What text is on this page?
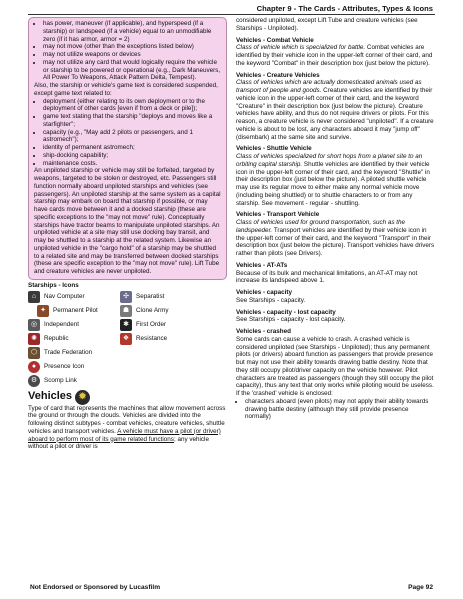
Chapter 9 - The Cards - Attributes, Types & Icons
• has power, maneuver (if applicable), and hyperspeed (if a starship) or landspeed (if a vehicle) equal to an unmodifiable zero (if it has armor, armor = 2)
• may not move (other than the exceptions listed below)
• may not utilize weapons or devices
• may not utilize any card that would logically require the vehicle or starship to be powered or operational (e.g., Dark Maneuvers, All Power To Weapons, Attack Pattern Delta, Tempest).

Also, the starship or vehicle's game text is considered suspended, except game text related to:

• deployment (either relating to its own deployment or to the deployment of other cards [even if from a deck or pile]);
• game text stating that the starship "deploys and moves like a starfighter";
• capacity (e.g., "May add 2 pilots or passengers, and 1 astromech");
• identity of permanent astromech;
• ship-docking capability;
• maintenance costs.

An unpiloted starship or vehicle may still be forfeited, targeted by weapons, targeted to be stolen or destroyed, etc. Passengers still function normally aboard unpiloted starships and vehicles (see passengers). An unpiloted starship at the same system as a capital starship may embark on board that starship if possible, or may have cards move between it and a docked starship (these are specific exceptions to the "may not move" rule). Conceptually starships have tractor beams to manipulate unpiloted starships. An unpiloted vehicle at a site may still use docking bay transit, and may be shuttled to a starship at the related system. Likewise an unpiloted vehicle in the "cargo hold" of a starship may be shuttled to a related site and may be transferred between docked starships (these are specific exception to the "may not move" rule). Lift Tube and creature vehicles are never unpiloted.

Starships - Icons
⌂	Nav Computer	✣	Separatist
✦	Permanent Pilot	☗	Clone Army
◎	Independent	✱	First Order
✺	Republic	❖	Resistance
⬡	Trade Federation
●	Presence Icon
⚙	Scomp Link
Vehicles ✹

Type of card that represents the machines that allow movement across the ground or through the clouds. Vehicles are divided into the following distinct subtypes - combat vehicles, creature vehicles, shuttle vehicles and transport vehicles. A vehicle must have a pilot (or driver) aboard to perform most of its game related functions; any vehicle without a pilot or driver is

considered unpiloted, except Lift Tube and creature vehicles (see Starships - Unpiloted).

Vehicles - Combat Vehicle

Class of vehicle which is specialized for battle. Combat vehicles are identified by their vehicle icon in the upper-left corner of their card, and the keyword "Combat" in their description box (just below the picture).

Vehicles - Creature Vehicles

Class of vehicles which are actually domesticated animals used as transport of people and goods. Creature vehicles are identified by their vehicle icon in the upper-left corner of their card, and the keyword "Creature" in their description box (just below the picture). Creature vehicles have ability, and thus do not require drivers or pilots. For this reason, a creature vehicle is never considered "unpiloted". If a creature vehicle is about to be lost, any characters aboard it may "jump off" (disembark) at the same site and survive.

Vehicles - Shuttle Vehicle

Class of vehicles specialized for short hops from a planet site to an orbiting capital starship. Shuttle vehicles are identified by their vehicle icon in the upper-left corner of their card, and the keyword "Shuttle" in their description box (just below the picture). A piloted shuttle vehicle may use its regular move to either make any normal vehicle move (including being shuttled) or to shuttle characters to or from any starship. See movement - regular - shuttling.

Vehicles - Transport Vehicle

Class of vehicles used for ground transportation, such as the landspeeder. Transport vehicles are identified by their vehicle icon in the upper-left corner of their card, and the keyword "Transport" in their description box (just below the picture). Transport vehicles have drivers rather than pilots (see Drivers).

Vehicles - AT-ATs

Because of its bulk and mechanical limitations, an AT-AT may not increase its landspeed above 1.

Vehicles - capacity

See Starships - capacity.

Vehicles - capacity - lost capacity

See Starships - capacity - lost capacity.

Vehicles - crashed

Some cards can cause a vehicle to crash. A crashed vehicle is considered unpiloted (see Starships - Unpiloted); thus any permanent pilots (or drivers) aboard function as passengers that provide presence but may not use their ability towards drawing battle destiny. Note that they still occupy pilot/driver capacity on the vehicle however. Pilot characters are treated as passengers (though they still occupy the pilot capacity), thus any text that only works while piloting would be useless. If the 'crashed' vehicle is enclosed:

• characters aboard (even pilots) may not apply their ability towards drawing battle destiny (although they still provide presence normally)
Not Endorsed or Sponsored by Lucasfilm	Page 92
